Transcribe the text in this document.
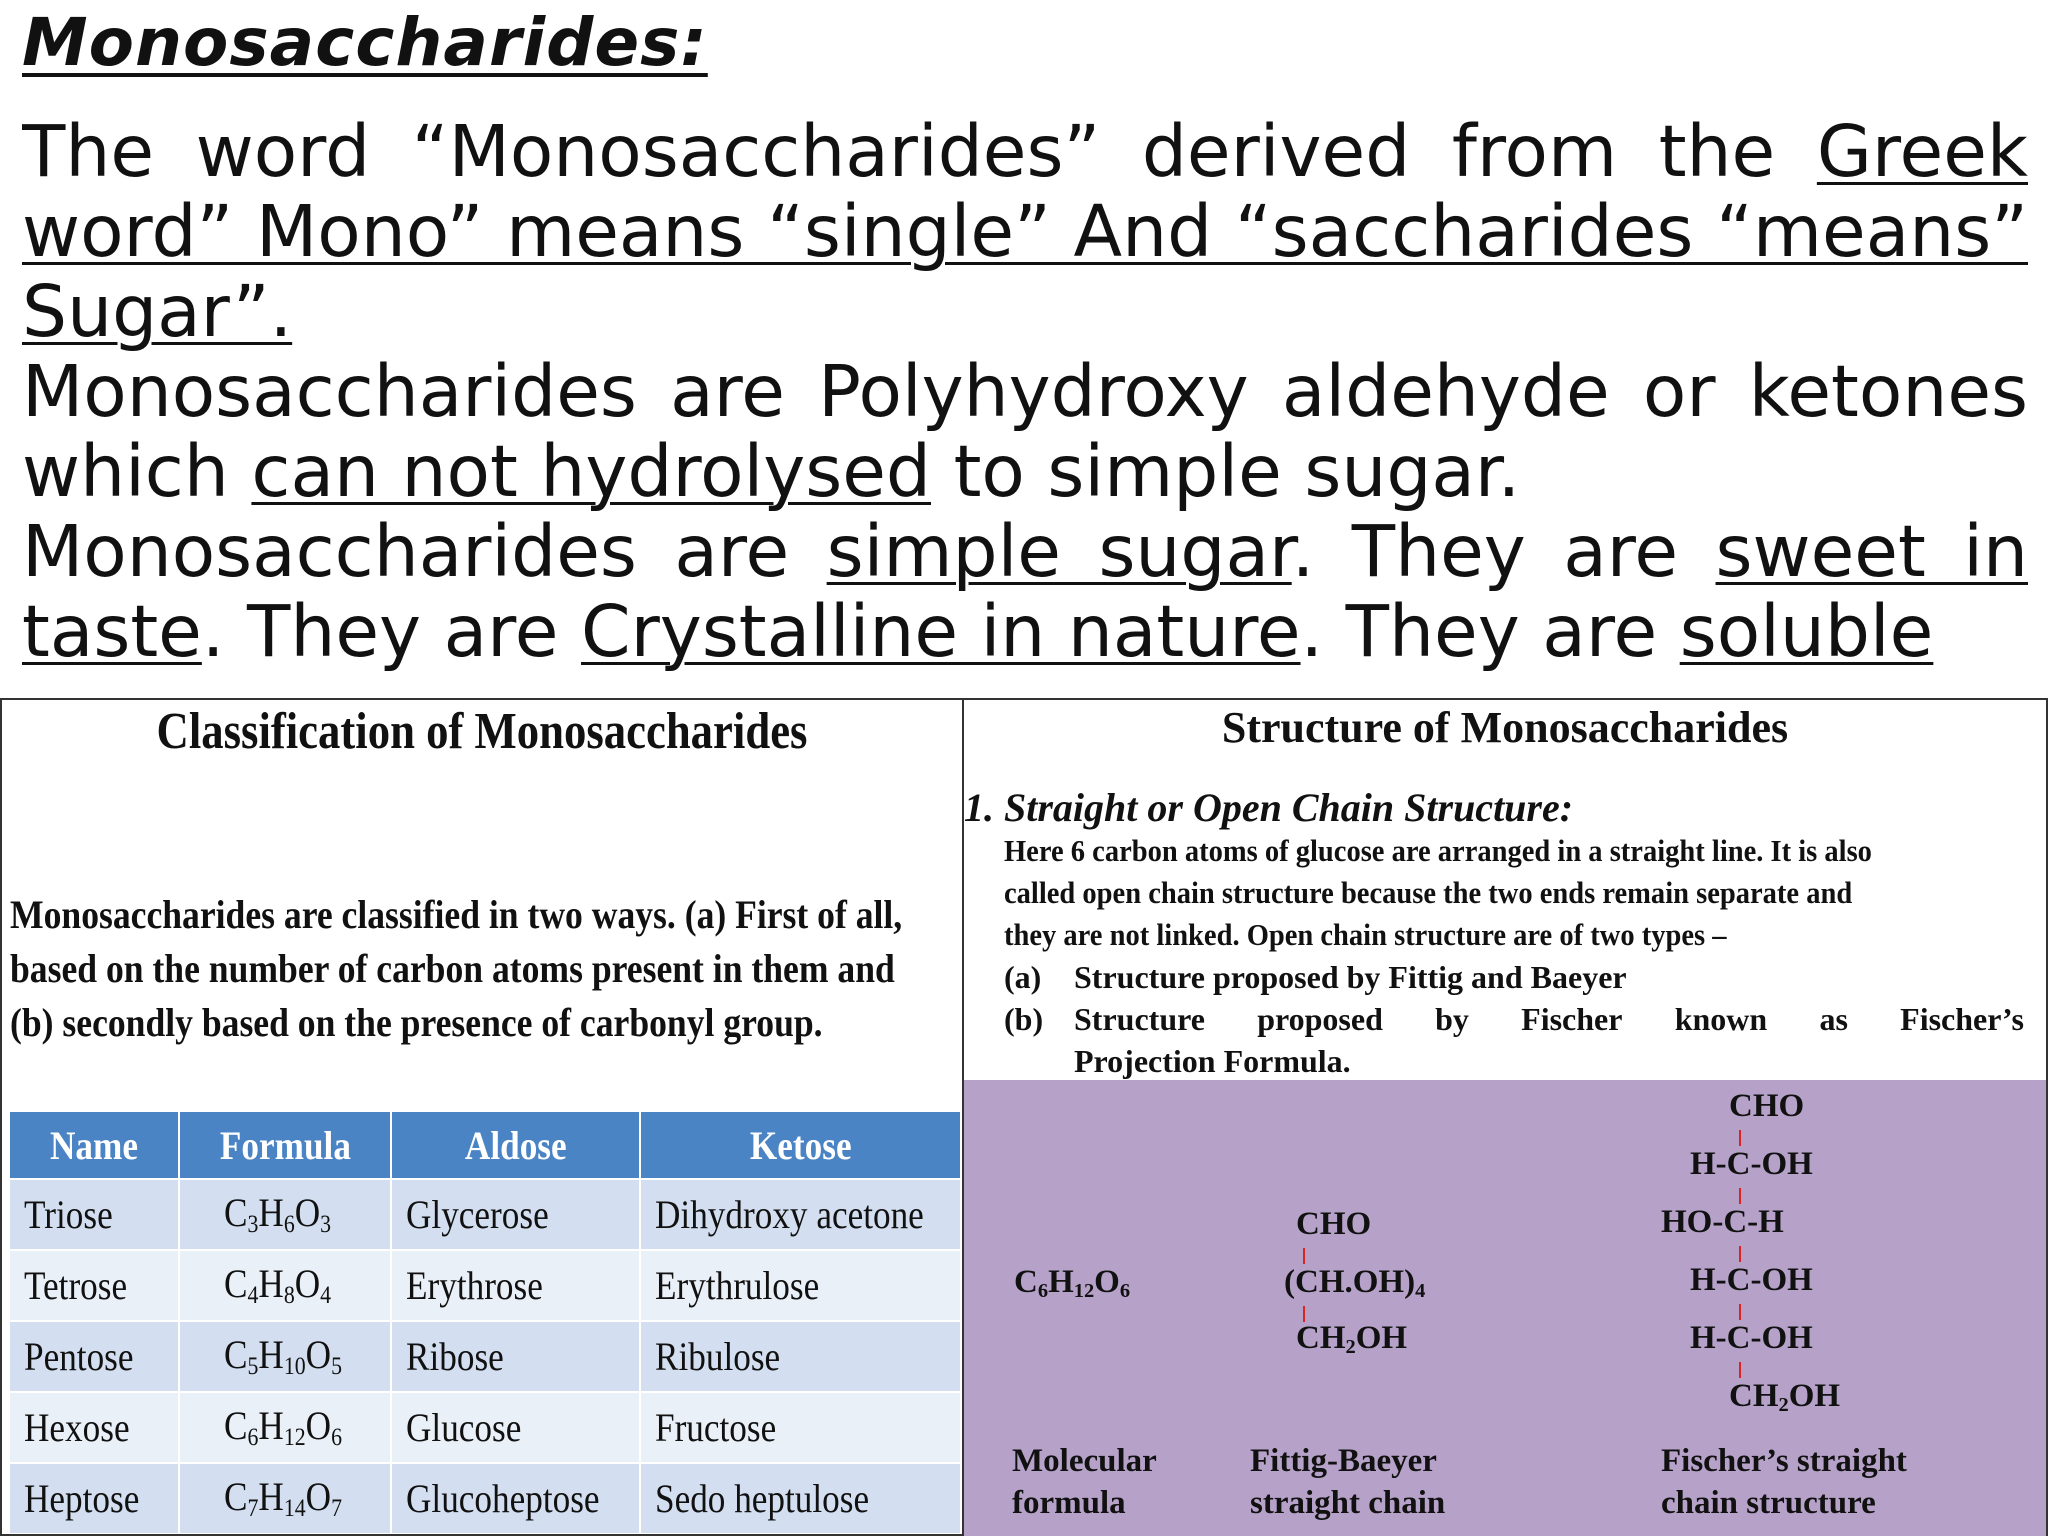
Monosaccharides:

The word “Monosaccharides” derived from the Greek word” Mono” means “single” And “saccharides “means” Sugar”.

Monosaccharides are Polyhydroxy aldehyde or ketones which can not hydrolysed to simple sugar.

Monosaccharides are simple sugar. They are sweet in taste. They are Crystalline in nature. They are soluble

Classification of Monosaccharides

Monosaccharides are classified in two ways. (a) First of all,

based on the number of carbon atoms present in them and

(b) secondly based on the presence of carbonyl group.

Name	Formula	Aldose	Ketose
Triose	$C_3H_6O_3$	Glycerose	Dihydroxy acetone
Tetrose	$C_4H_8O_4$	Erythrose	Erythrulose
Pentose	$C_5H_{10}O_5$	Ribose	Ribulose
Hexose	$C_6H_{12}O_6$	Glucose	Fructose
Heptose	$C_7H_{14}O_7$	Glucoheptose	Sedo heptulose
Structure of Monosaccharides
1. Straight or Open Chain Structure:

Here 6 carbon atoms of glucose are arranged in a straight line. It is also

called open chain structure because the two ends remain separate and

they are not linked. Open chain structure are of two types –

(a)	Structure proposed by Fittig and Baeyer
(b) Structure proposed by Fischer known as Fischer’s
Projection Formula.
$C_6H_{12}O_6$
CHO
$(CH.OH)_4$
$CH_2OH$
CHO
H-C-OH
HO-C-H
H-C-OH
H-C-OH
$CH_2OH$
Molecular
formula
Fittig-Baeyer
straight chain
Fischer’s straight
chain structure
